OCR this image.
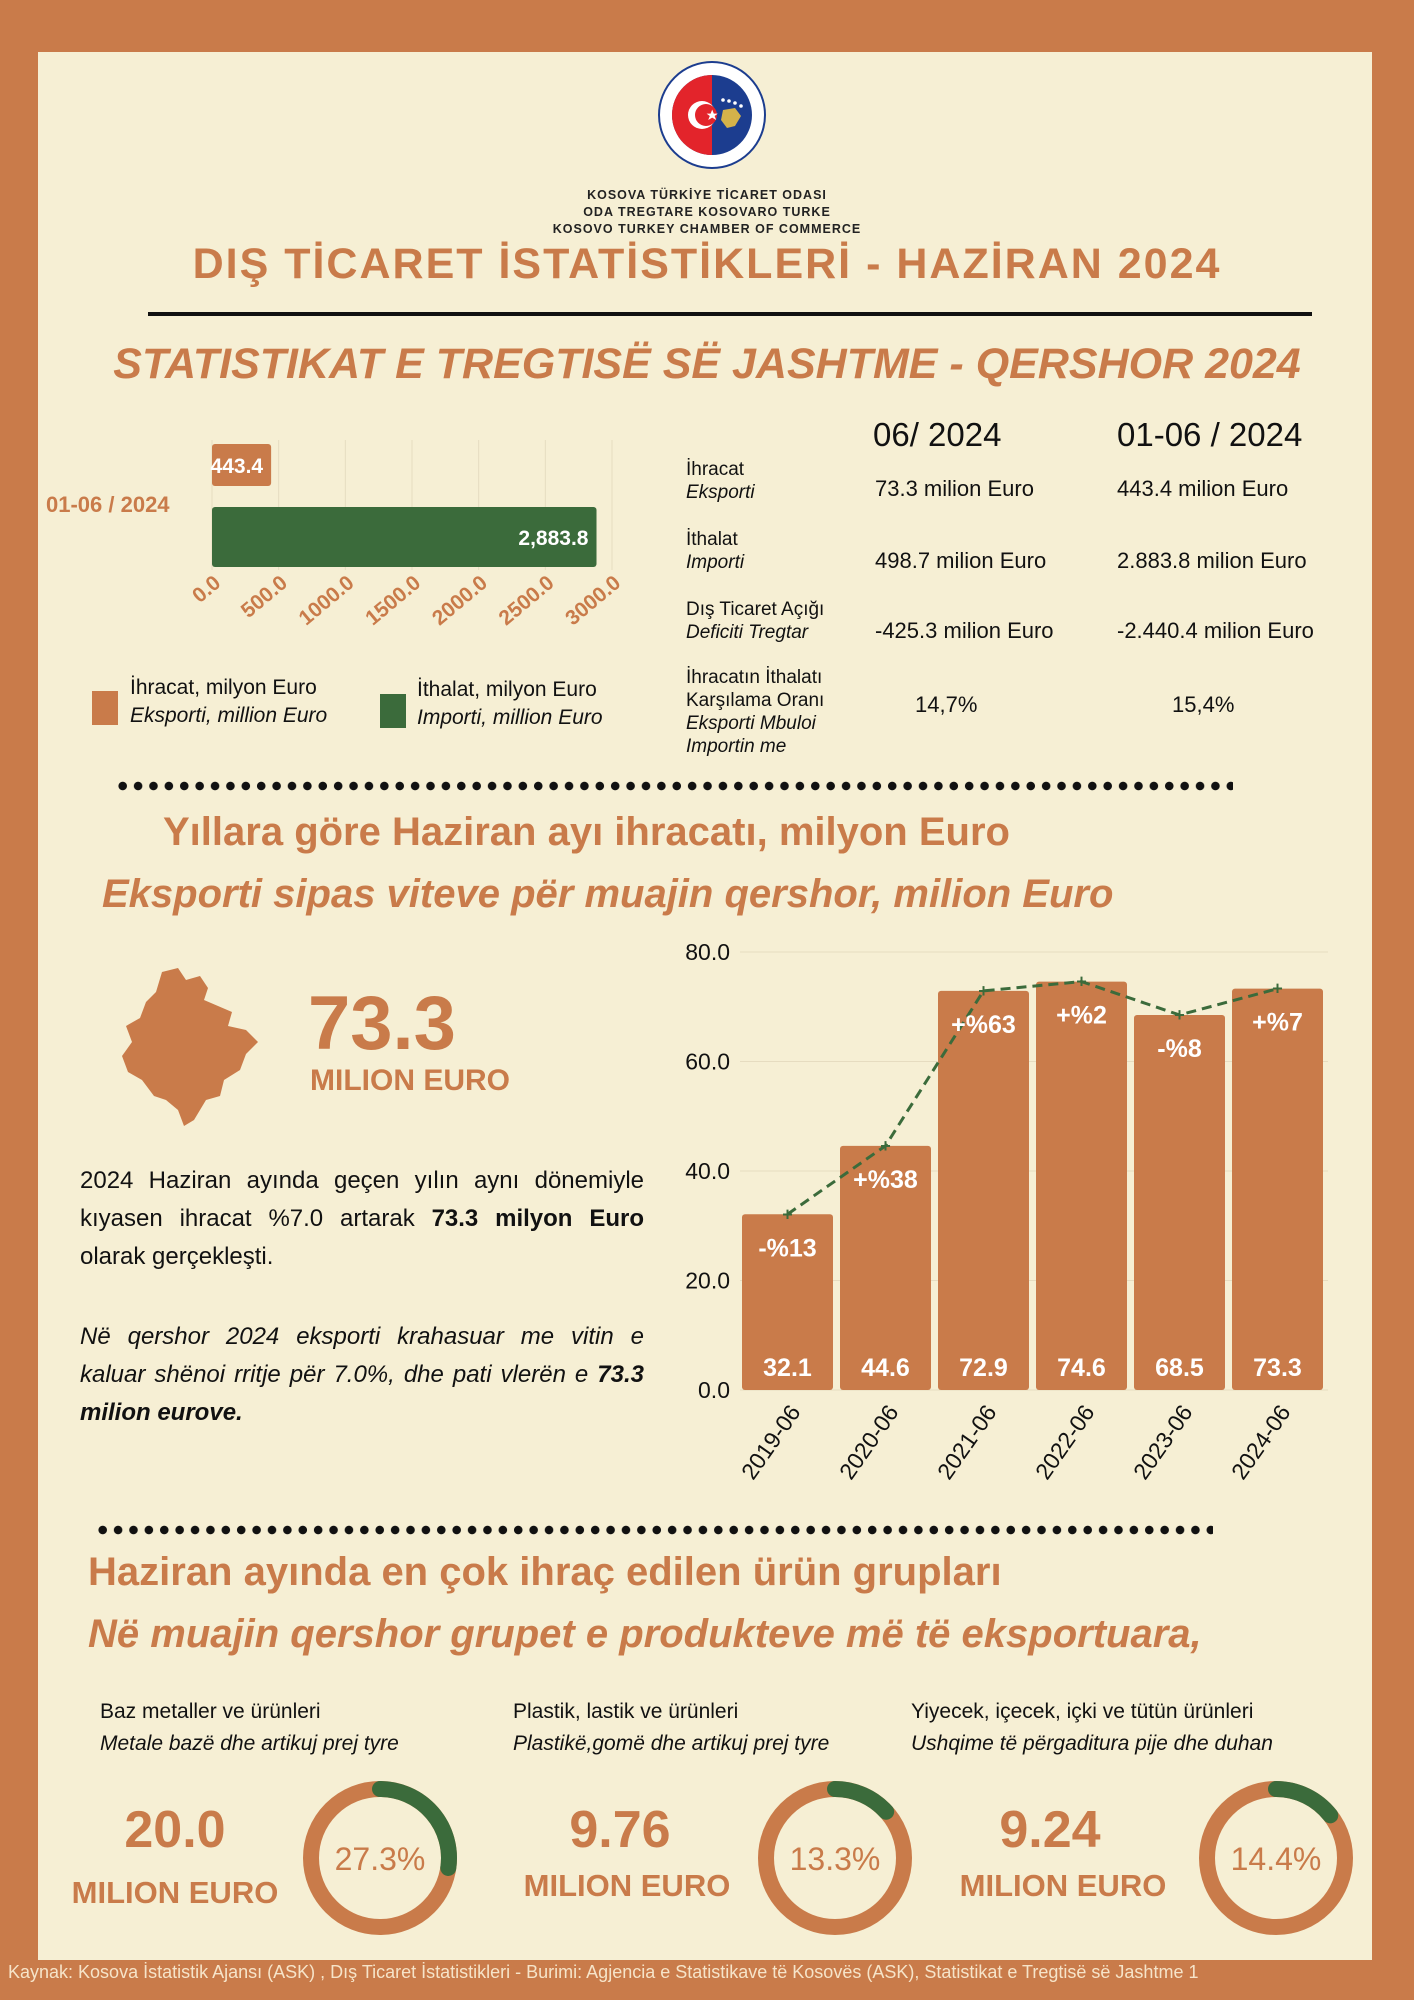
KOSOVA TÜRKİYE TİCARET ODASI
ODA TREGTARE KOSOVARO TURKE
KOSOVO TURKEY CHAMBER OF COMMERCE
DIŞ TİCARET İSTATİSTİKLERİ - HAZİRAN 2024
STATISTIKAT E TREGTISË SË JASHTME - QERSHOR 2024
01-06 / 2024
443.4
2,883.8
0.0 500.0 1000.0 1500.0 2000.0 2500.0 3000.0
İhracat, milyon Euro
Eksporti, million Euro
İthalat, milyon Euro
Importi, million Euro
06/ 2024	01-06 / 2024
İhracat
Eksporti	73.3 milion Euro	443.4 milion Euro
İthalat
Importi	498.7 milion Euro	2.883.8 milion Euro
Dış Ticaret Açığı
Deficiti Tregtar	-425.3 milion Euro	-2.440.4 milion Euro
İhracatın İthalatı
Karşılama Oranı
Eksporti Mbuloi
Importin me
14,7%	15,4%
Yıllara göre Haziran ayı ihracatı, milyon Euro
Eksporti sipas viteve për muajin qershor, milion Euro
73.3
MILION EURO
2024 Haziran ayında geçen yılın aynı dönemiyle kıyasen ihracat %7.0 artarak 73.3 milyon Euro olarak gerçekleşti.
Në qershor 2024 eksporti krahasuar me vitin e kaluar shënoi rritje për 7.0%, dhe pati vlerën e 73.3 milion eurove.
0.0
20.0
40.0
60.0
80.0
+
+
+	+
+
+
32.1
-%13
2019-06
44.6
+%38
2020-06
72.9
+%63
2021-06
74.6
+%2
2022-06
68.5
-%8
2023-06
73.3
+%7
2024-06
Haziran ayında en çok ihraç edilen ürün grupları
Në muajin qershor grupet e produkteve më të eksportuara,
Baz metaller ve ürünleri
Metale bazë dhe artikuj prej tyre
Plastik, lastik ve ürünleri
Plastikë,gomë dhe artikuj prej tyre
Yiyecek, içecek, içki ve tütün ürünleri
Ushqime të përgaditura pije dhe duhan
20.0
MILION EURO
9.76
MILION EURO
9.24
MILION EURO
27.3%	13.3%	14.4%
Kaynak: Kosova İstatistik Ajansı (ASK) , Dış Ticaret İstatistikleri - Burimi: Agjencia e Statistikave të Kosovës (ASK), Statistikat e Tregtisë së Jashtme 1
